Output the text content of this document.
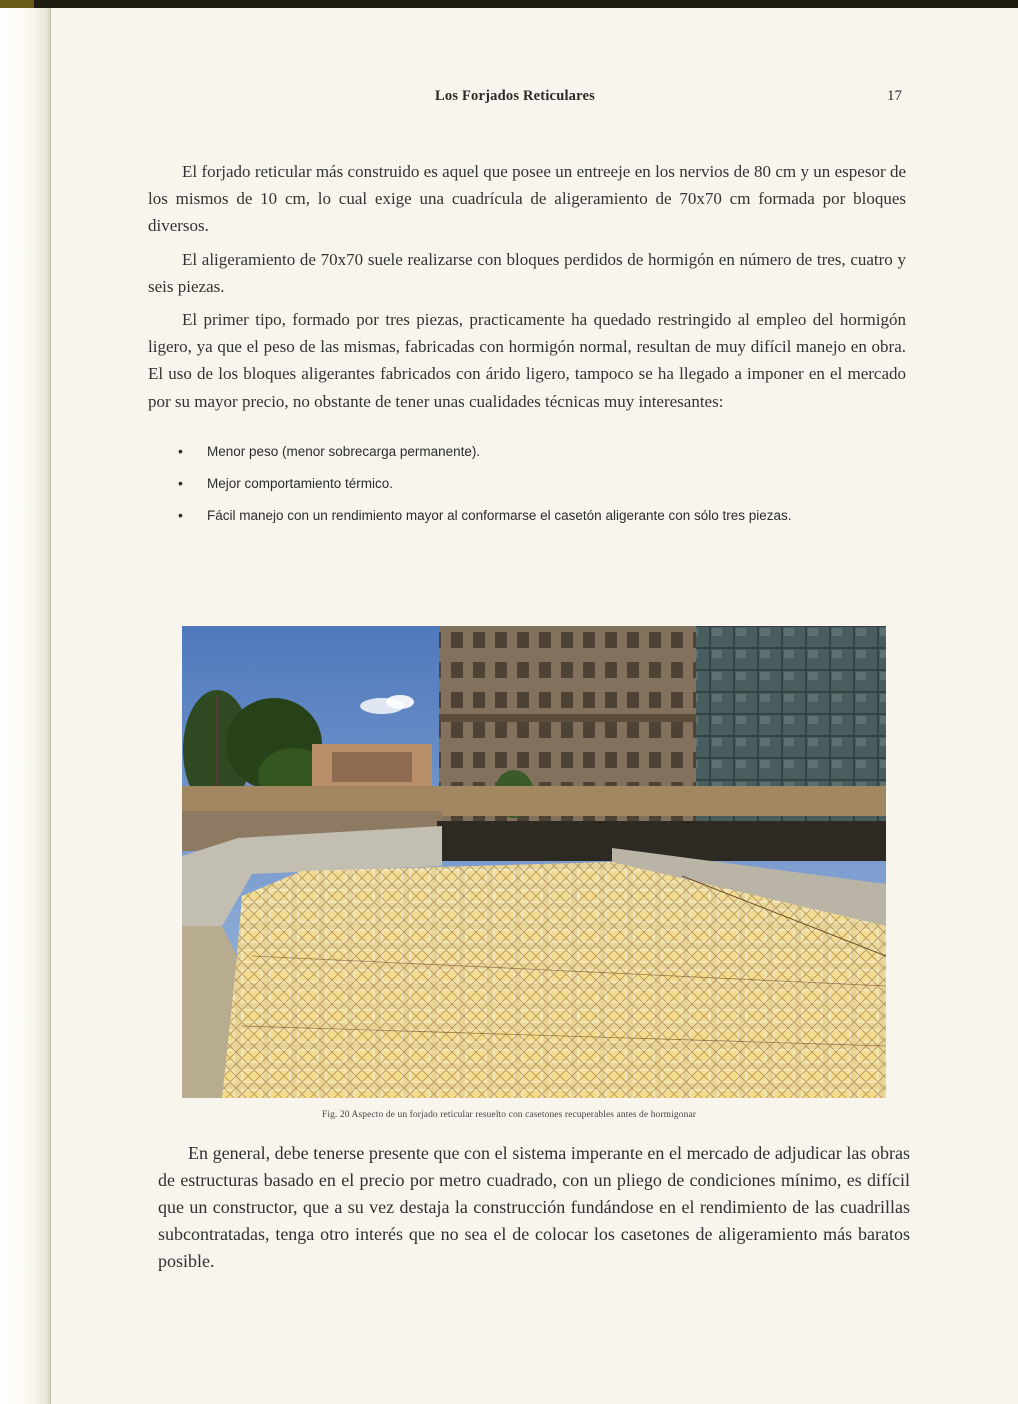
Los Forjados Reticulares	17

El forjado reticular más construido es aquel que posee un entreeje en los nervios de 80 cm y un espesor de los mismos de 10 cm, lo cual exige una cuadrícula de aligeramiento de 70x70 cm formada por bloques diversos.

El aligeramiento de 70x70 suele realizarse con bloques perdidos de hormigón en número de tres, cuatro y seis piezas.

El primer tipo, formado por tres piezas, practicamente ha quedado restringido al empleo del hormigón ligero, ya que el peso de las mismas, fabricadas con hormigón normal, resultan de muy difícil manejo en obra. El uso de los bloques aligerantes fabricados con árido ligero, tampoco se ha llegado a imponer en el mercado por su mayor precio, no obstante de tener unas cualidades técnicas muy interesantes:

• Menor peso (menor sobrecarga permanente).
• Mejor comportamiento térmico.
• Fácil manejo con un rendimiento mayor al conformarse el casetón aligerante con sólo tres piezas.
Fig. 20 Aspecto de un forjado reticular resuelto con casetones recuperables antes de hormigonar

En general, debe tenerse presente que con el sistema imperante en el mercado de adjudicar las obras de estructuras basado en el precio por metro cuadrado, con un pliego de condiciones mínimo, es difícil que un constructor, que a su vez destaja la construcción fundándose en el rendimiento de las cuadrillas subcontratadas, tenga otro interés que no sea el de colocar los casetones de aligeramiento más baratos posible.
